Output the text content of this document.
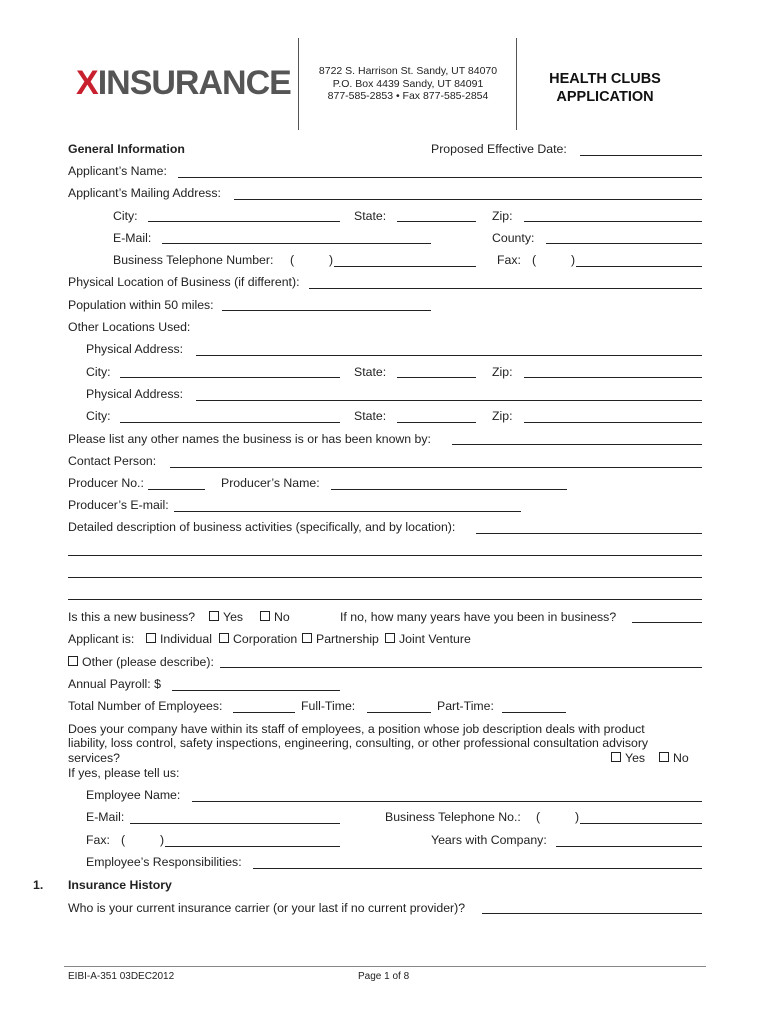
XINSURANCE	8722 S. Harrison St. Sandy, UT 84070
P.O. Box 4439 Sandy, UT 84091
877-585-2853 • Fax 877-585-2854
HEALTH CLUBS
APPLICATION
General Information	Proposed Effective Date:
Applicant’s Name:
Applicant’s Mailing Address:
City:	State:	Zip:
E-Mail:	County:
Business Telephone Number: (	)	Fax: (	)
Physical Location of Business (if different):
Population within 50 miles:
Other Locations Used:
Physical Address:
City:	State:	Zip:
Physical Address:
City:	State:	Zip:
Please list any other names the business is or has been known by:
Contact Person:
Producer No.:	Producer’s Name:
Producer’s E-mail:
Detailed description of business activities (specifically, and by location):
Is this a new business?	Yes	No	If no, how many years have you been in business?
Applicant is:	Individual	Corporation	Partnership	Joint Venture
Other (please describe):
Annual Payroll: $
Total Number of Employees:	Full-Time:	Part-Time:
Does your company have within its staff of employees, a position whose job description deals with product
liability, loss control, safety inspections, engineering, consulting, or other professional consultation advisory
services?	Yes	No
If yes, please tell us:
Employee Name:
E-Mail:	Business Telephone No.: (	)
Fax: (	)	Years with Company:
Employee’s Responsibilities:
1. Insurance History
Who is your current insurance carrier (or your last if no current provider)?
EIBI-A-351 03DEC2012	Page 1 of 8
